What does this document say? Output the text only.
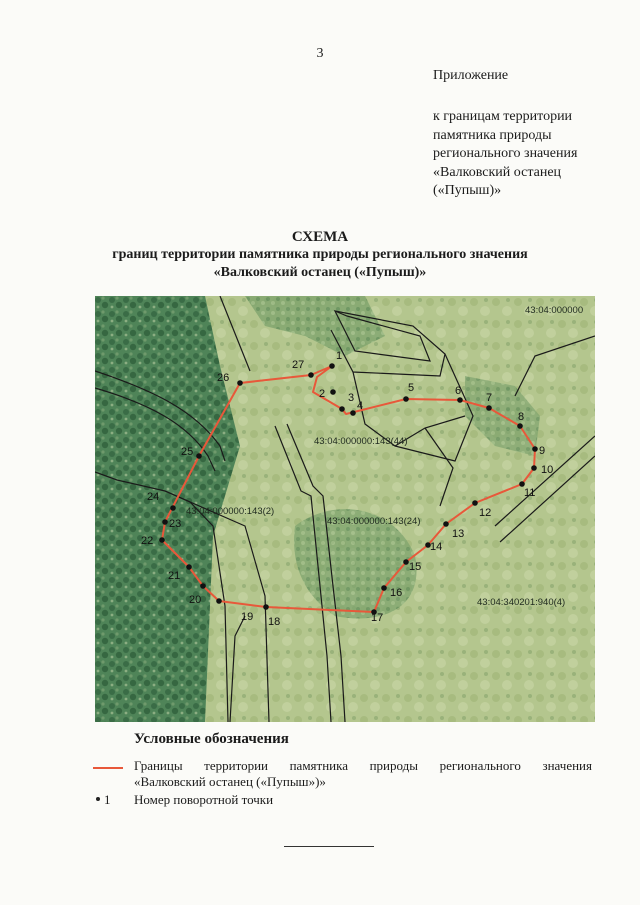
3
Приложение
к границам территории
памятника природы
регионального значения
«Валковский останец
(«Пупыш)»
СХЕМА
границ территории памятника природы регионального значения
«Валковский останец («Пупыш)»
43:04:000000
43:04:000000:143(44)
43:04:000000:143(2)
43:04:000000:143(24)
43:04:340201:940(4)
1
2 3
4
5	6
7
8
9
10
11
12
13
14
15
16
17
18
19
20
21
22
23
24
25
26
27
Условные обозначения
Границы территории памятника природы регионального значения
«Валковский останец («Пупыш»)»
1 Номер поворотной точки
